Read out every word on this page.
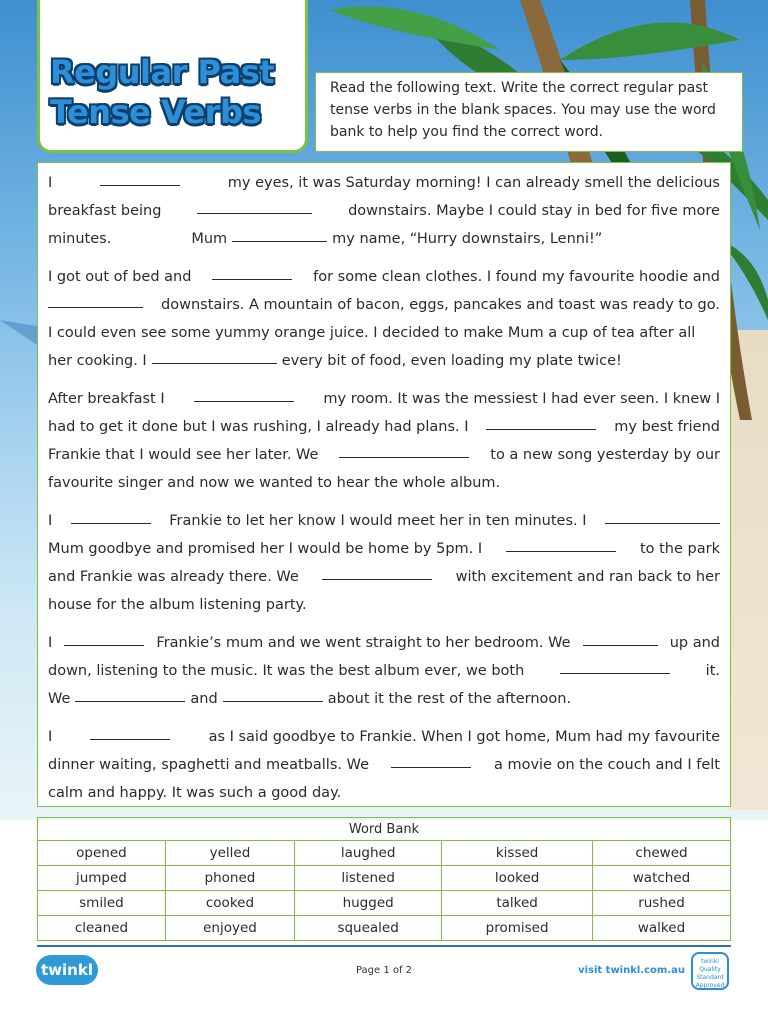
Regular Past
Tense Verbs
Read the following text. Write the correct regular past tense verbs in the blank spaces. You may use the word bank to help you find the correct word.
I	my eyes, it was Saturday morning! I can already smell the delicious
breakfast being	downstairs. Maybe I could stay in bed for five more
minutes.	Mum	my name, “Hurry downstairs, Lenni!”
I got out of bed and	for some clean clothes. I found my favourite hoodie and
downstairs. A mountain of bacon, eggs, pancakes and toast was ready to go.
I could even see some yummy orange juice. I decided to make Mum a cup of tea after all
her cooking. I	every bit of food, even loading my plate twice!
After breakfast I	my room. It was the messiest I had ever seen. I knew I
had to get it done but I was rushing, I already had plans. I	my best friend
Frankie that I would see her later. We	to a new song yesterday by our
favourite singer and now we wanted to hear the whole album.
I	Frankie to let her know I would meet her in ten minutes. I
Mum goodbye and promised her I would be home by 5pm. I	to the park
and Frankie was already there. We	with excitement and ran back to her
house for the album listening party.
I	Frankie’s mum and we went straight to her bedroom. We	up and
down, listening to the music. It was the best album ever, we both	it.
We	and	about it the rest of the afternoon.
I	as I said goodbye to Frankie. When I got home, Mum had my favourite
dinner waiting, spaghetti and meatballs. We	a movie on the couch and I felt
calm and happy. It was such a good day.
Word Bank				
opened	yelled	laughed	kissed	chewed
jumped	phoned	listened	looked	watched
smiled	cooked	hugged	talked	rushed
cleaned	enjoyed	squealed	promised	walked
twinkl	Page 1 of 2	visit twinkl.com.au
twinkl Quality Standard Approved
